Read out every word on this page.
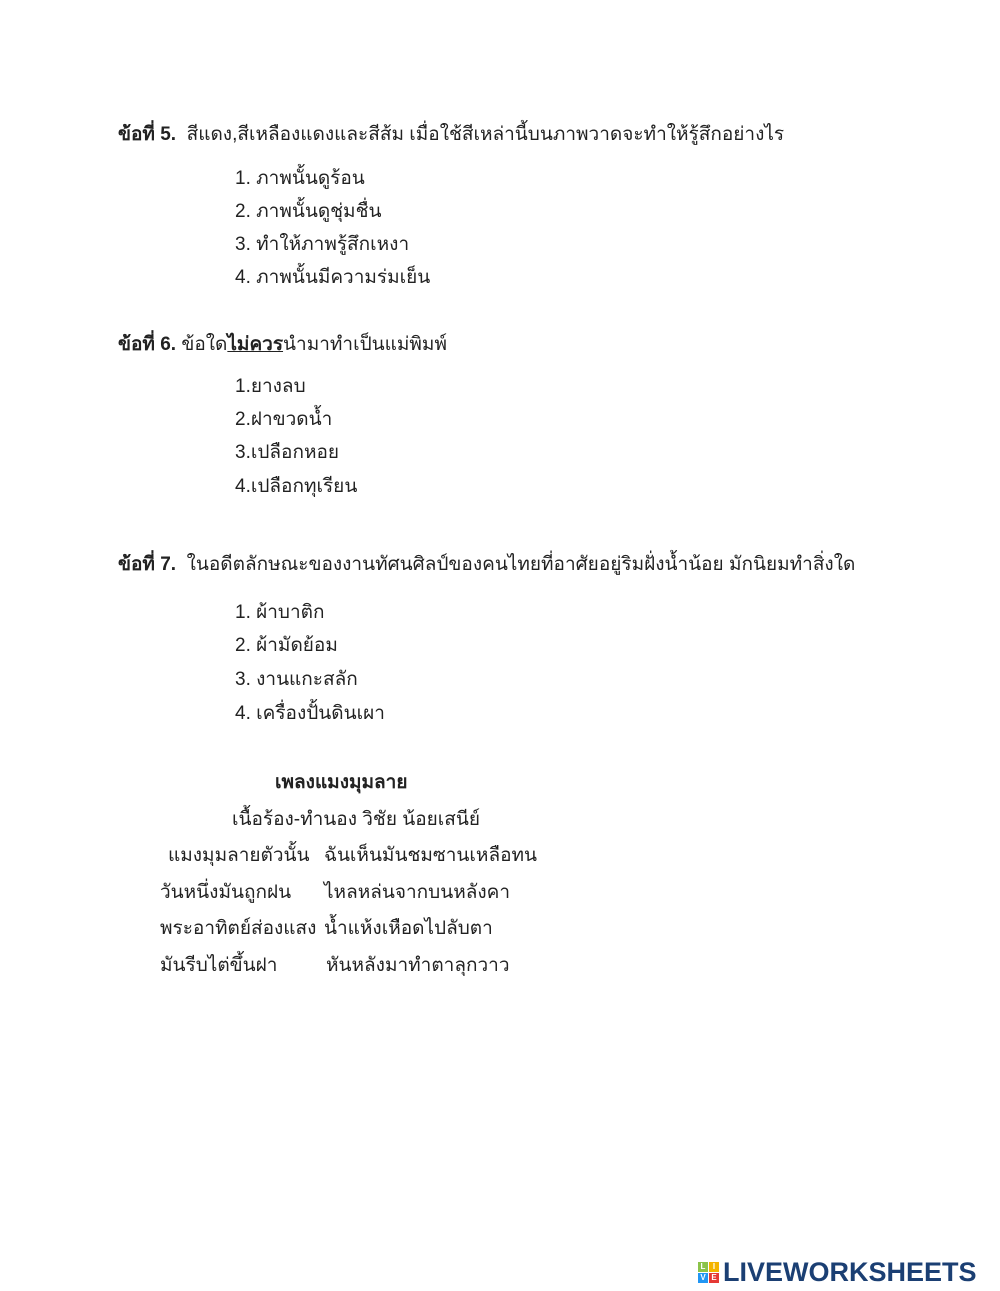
ข้อที่ 5. สีแดง,สีเหลืองแดงและสีส้ม เมื่อใช้สีเหล่านี้บนภาพวาดจะทำให้รู้สึกอย่างไร
1. ภาพนั้นดูร้อน
2. ภาพนั้นดูชุ่มชื่น
3. ทำให้ภาพรู้สึกเหงา
4. ภาพนั้นมีความร่มเย็น
ข้อที่ 6. ข้อใดไม่ควรนำมาทำเป็นแม่พิมพ์
1.ยางลบ
2.ฝาขวดน้ำ
3.เปลือกหอย
4.เปลือกทุเรียน
ข้อที่ 7. ในอดีตลักษณะของงานทัศนศิลป์ของคนไทยที่อาศัยอยู่ริมฝั่งน้ำน้อย มักนิยมทำสิ่งใด
1. ผ้าบาติก
2. ผ้ามัดย้อม
3. งานแกะสลัก
4. เครื่องปั้นดินเผา
เพลงแมงมุมลาย
เนื้อร้อง-ทำนอง วิชัย น้อยเสนีย์
แมงมุมลายตัวนั้น ฉันเห็นมันชมซานเหลือทน
วันหนึ่งมันถูกฝน ไหลหล่นจากบนหลังคา
พระอาทิตย์ส่องแสง น้ำแห้งเหือดไปลับตา
มันรีบไต่ขึ้นฝา	หันหลังมาทำตาลุกวาว
L I
V E LIVEWORKSHEETS
